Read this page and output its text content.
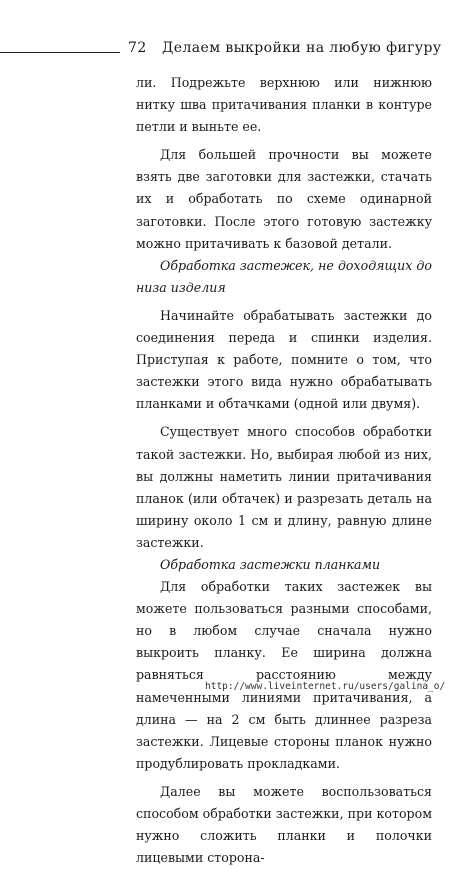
72 Делаем выкройки на любую фигуру

ли. Подрежьте верхнюю или нижнюю нитку шва притачивания планки в контуре петли и выньте ее.

Для большей прочности вы можете взять две заготовки для застежки, стачать их и обработать по схеме одинарной заготовки. После этого готовую застежку можно притачивать к базовой детали.

Обработка застежек, не доходящих до низа изделия

Начинайте обрабатывать застежки до соединения переда и спинки изделия. Приступая к работе, помните о том, что застежки этого вида нужно обрабатывать планками и обтачками (одной или двумя).

Существует много способов обработки такой застежки. Но, выбирая любой из них, вы должны наметить линии притачивания планок (или обтачек) и разрезать деталь на ширину около 1 см и длину, равную длине застежки.

Обработка застежки планками

Для обработки таких застежек вы можете пользоваться разными способами, но в любом случае сначала нужно выкроить планку. Ее ширина должна равняться расстоянию между намеченными линиями притачивания, а длина — на 2 см быть длиннее разреза застежки. Лицевые стороны планок нужно продублировать прокладками.

Далее вы можете воспользоваться способом обработки застежки, при котором нужно сложить планки и полочки лицевыми сторона-

http://www.liveinternet.ru/users/galina_o/
